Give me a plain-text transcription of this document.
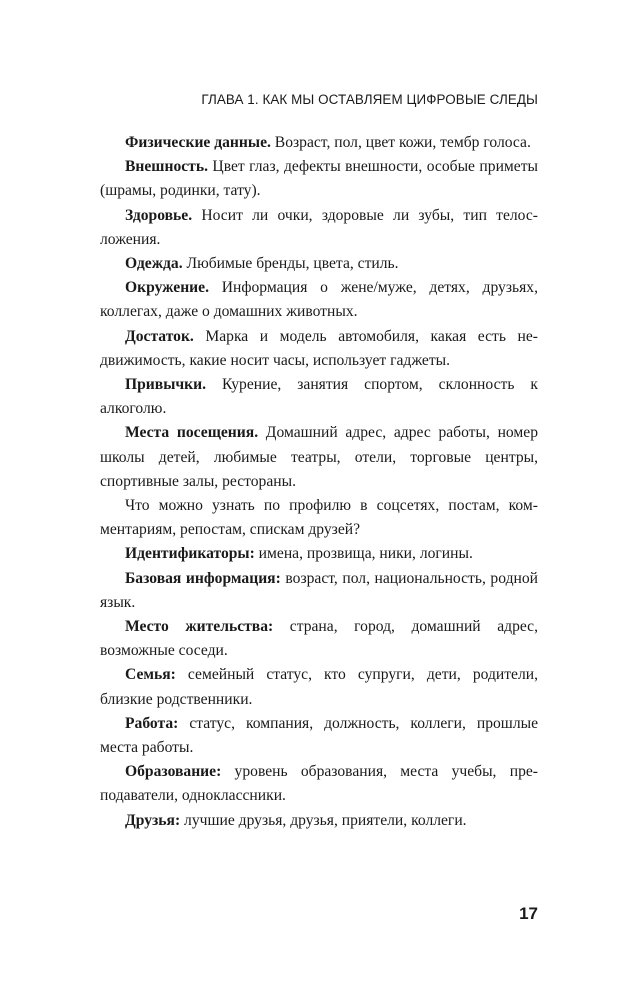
ГЛАВА 1. КАК МЫ ОСТАВЛЯЕМ ЦИФРОВЫЕ СЛЕДЫ

Физические данные. Возраст, пол, цвет кожи, тембр голоса.

Внешность. Цвет глаз, дефекты внешности, особые приметы (шрамы, родинки, тату).

Здоровье. Носит ли очки, здоровые ли зубы, тип телосложения.

Одежда. Любимые бренды, цвета, стиль.

Окружение. Информация о жене/муже, детях, друзьях, коллегах, даже о домашних животных.

Достаток. Марка и модель автомобиля, какая есть недвижимость, какие носит часы, использует гаджеты.

Привычки. Курение, занятия спортом, склонность к алкоголю.

Места посещения. Домашний адрес, адрес работы, номер школы детей, любимые театры, отели, торговые центры, спортивные залы, рестораны.

Что можно узнать по профилю в соцсетях, постам, комментариям, репостам, спискам друзей?

Идентификаторы: имена, прозвища, ники, логины.

Базовая информация: возраст, пол, национальность, родной язык.

Место жительства: страна, город, домашний адрес, возможные соседи.

Семья: семейный статус, кто супруги, дети, родители, близкие родственники.

Работа: статус, компания, должность, коллеги, прошлые места работы.

Образование: уровень образования, места учебы, преподаватели, одноклассники.

Друзья: лучшие друзья, друзья, приятели, коллеги.

17
